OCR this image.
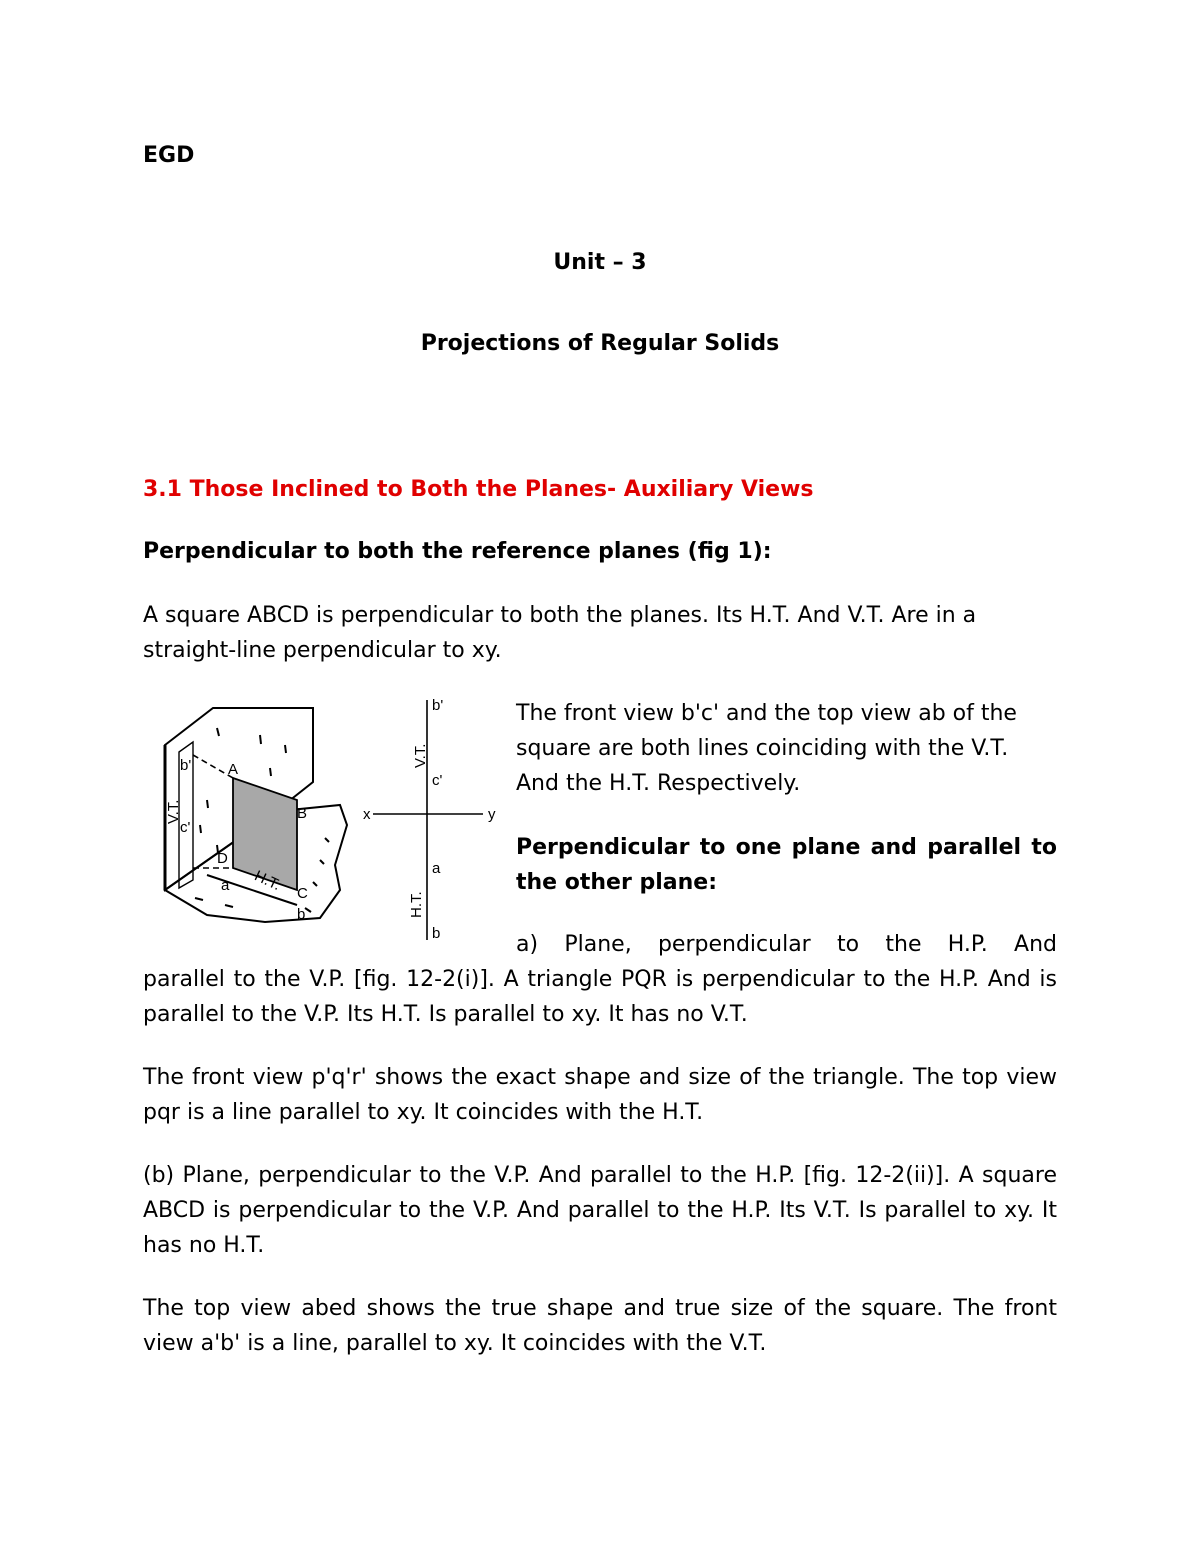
EGD

Unit – 3

Projections of Regular Solids

3.1 Those Inclined to Both the Planes- Auxiliary Views

Perpendicular to both the reference planes (fig 1):

A square ABCD is perpendicular to both the planes. Its H.T. And V.T. Are in a straight-line perpendicular to xy.

V.T.
b'
c'
A
B
D
C
a
b
H.T.
b'
c'
V.T.
x	y
a
H.T.
b

The front view b'c' and the top view ab of the square are both lines coinciding with the V.T. And the H.T. Respectively.

Perpendicular to one plane and parallel to the other plane:

a) Plane, perpendicular to the H.P. And

parallel to the V.P. [fig. 12-2(i)]. A triangle PQR is perpendicular to the H.P. And is parallel to the V.P. Its H.T. Is parallel to xy. It has no V.T.

The front view p'q'r' shows the exact shape and size of the triangle. The top view pqr is a line parallel to xy. It coincides with the H.T.

(b) Plane, perpendicular to the V.P. And parallel to the H.P. [fig. 12-2(ii)]. A square ABCD is perpendicular to the V.P. And parallel to the H.P. Its V.T. Is parallel to xy. It has no H.T.

The top view abed shows the true shape and true size of the square. The front view a'b' is a line, parallel to xy. It coincides with the V.T.
